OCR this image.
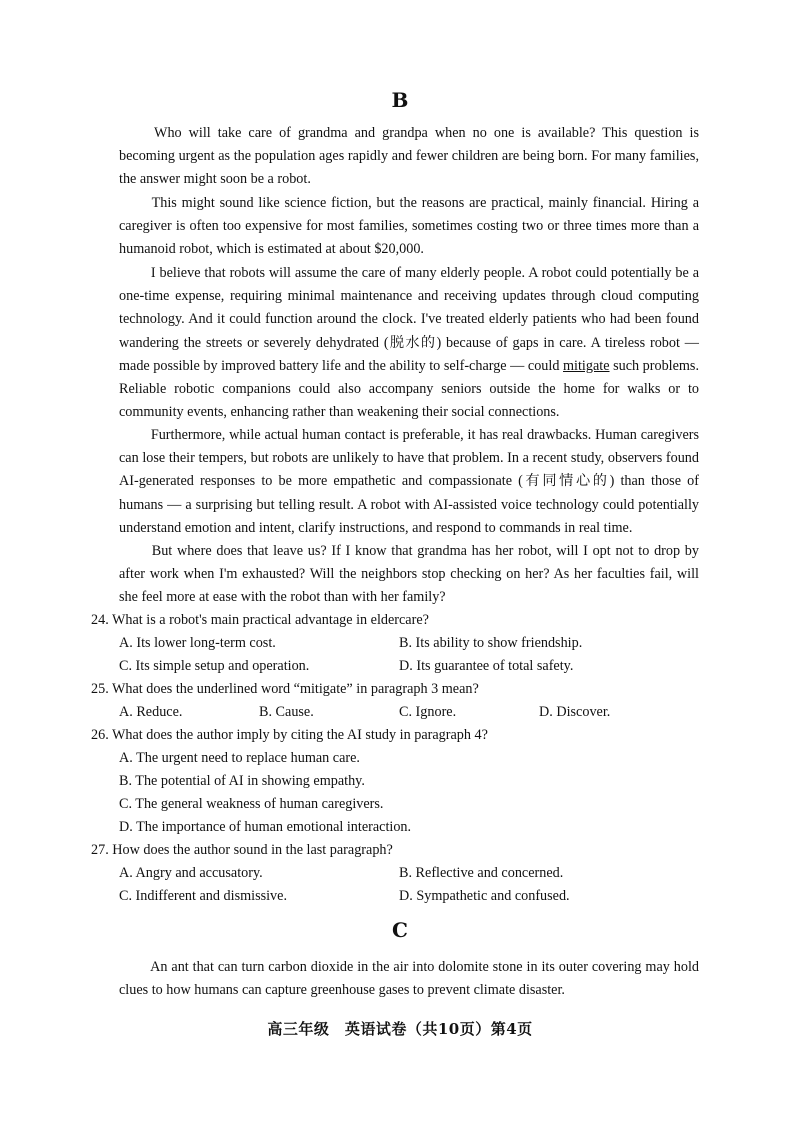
B
Who will take care of grandma and grandpa when no one is available? This question is becoming urgent as the population ages rapidly and fewer children are being born. For many families, the answer might soon be a robot.
This might sound like science fiction, but the reasons are practical, mainly financial. Hiring a caregiver is often too expensive for most families, sometimes costing two or three times more than a humanoid robot, which is estimated at about $20,000.
I believe that robots will assume the care of many elderly people. A robot could potentially be a one-time expense, requiring minimal maintenance and receiving updates through cloud computing technology. And it could function around the clock. I've treated elderly patients who had been found wandering the streets or severely dehydrated (脱水的) because of gaps in care. A tireless robot — made possible by improved battery life and the ability to self-charge — could mitigate such problems. Reliable robotic companions could also accompany seniors outside the home for walks or to community events, enhancing rather than weakening their social connections.
Furthermore, while actual human contact is preferable, it has real drawbacks. Human caregivers can lose their tempers, but robots are unlikely to have that problem. In a recent study, observers found AI-generated responses to be more empathetic and compassionate (有同情心的) than those of humans — a surprising but telling result. A robot with AI-assisted voice technology could potentially understand emotion and intent, clarify instructions, and respond to commands in real time.
But where does that leave us? If I know that grandma has her robot, will I opt not to drop by after work when I'm exhausted? Will the neighbors stop checking on her? As her faculties fail, will she feel more at ease with the robot than with her family?
24. What is a robot's main practical advantage in eldercare?
A. Its lower long-term cost.	B. Its ability to show friendship.
C. Its simple setup and operation.	D. Its guarantee of total safety.
25. What does the underlined word “mitigate” in paragraph 3 mean?
A. Reduce.	B. Cause.	C. Ignore.	D. Discover.
26. What does the author imply by citing the AI study in paragraph 4?
A. The urgent need to replace human care.
B. The potential of AI in showing empathy.
C. The general weakness of human caregivers.
D. The importance of human emotional interaction.
27. How does the author sound in the last paragraph?
A. Angry and accusatory.	B. Reflective and concerned.
C. Indifferent and dismissive.	D. Sympathetic and confused.
C
An ant that can turn carbon dioxide in the air into dolomite stone in its outer covering may hold clues to how humans can capture greenhouse gases to prevent climate disaster.
高三年级　英语试卷（共10页）第4页
